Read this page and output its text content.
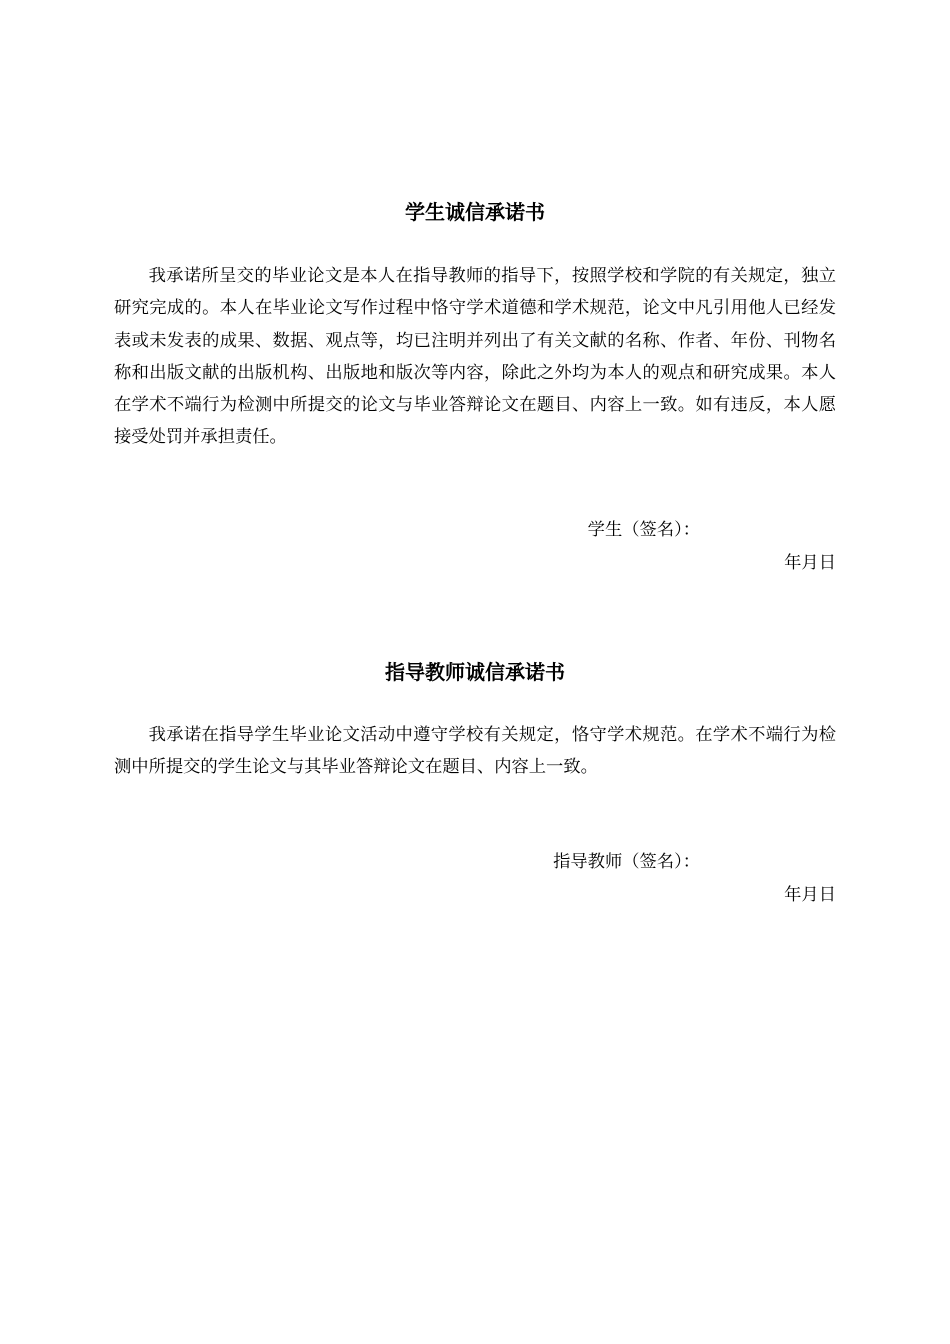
学生诚信承诺书

我承诺所呈交的毕业论文是本人在指导教师的指导下，按照学校和学院的有关规定，独立研究完成的。本人在毕业论文写作过程中恪守学术道德和学术规范，论文中凡引用他人已经发表或未发表的成果、数据、观点等，均已注明并列出了有关文献的名称、作者、年份、刊物名称和出版文献的出版机构、出版地和版次等内容，除此之外均为本人的观点和研究成果。本人在学术不端行为检测中所提交的论文与毕业答辩论文在题目、内容上一致。如有违反，本人愿接受处罚并承担责任。

学生（签名）：
年月日
指导教师诚信承诺书

我承诺在指导学生毕业论文活动中遵守学校有关规定，恪守学术规范。在学术不端行为检测中所提交的学生论文与其毕业答辩论文在题目、内容上一致。

指导教师（签名）：
年月日
